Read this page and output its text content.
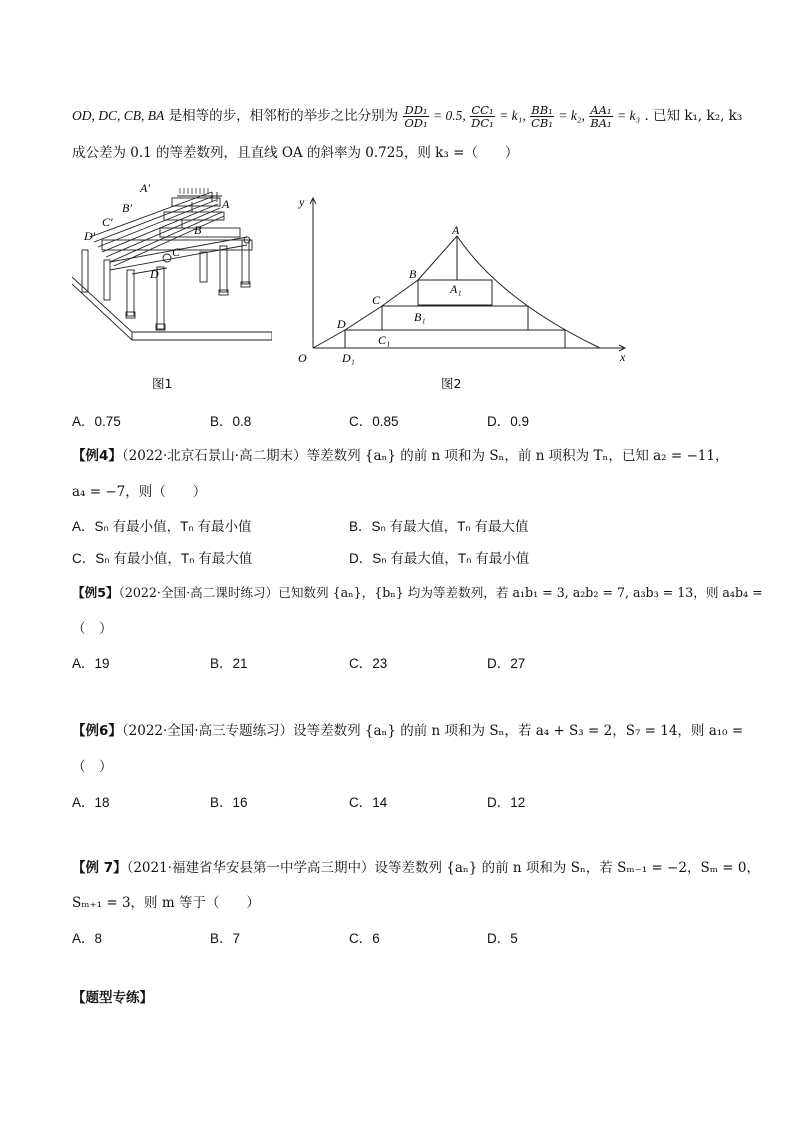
OD, DC, CB, BA 是相等的步，相邻桁的举步之比分别为 $\frac{\text{DD₁}}{\text{OD₁}} = 0.5$, $\frac{\text{CC₁}}{\text{DC₁}} = k_1$, $\frac{\text{BB₁}}{\text{CB₁}} = k_2$, $\frac{\text{AA₁}}{\text{BA₁}} = k_3$ . 已知 k₁, k₂, k₃
成公差为 0.1 的等差数列，且直线 OA 的斜率为 0.725，则 k₃ =（　　）
A′
B′
C′
D′
A
B
C
D
图1
y
x
O
A
B
C
D
A₁
B₁
C₁
D₁
图2
A．0.75	B．0.8	C．0.85	D．0.9
【例4】（2022·北京石景山·高二期末）等差数列 {aₙ} 的前 n 项和为 Sₙ，前 n 项积为 Tₙ，已知 a₂ = −11，
a₄ = −7，则（　　）
A．Sₙ 有最小值，Tₙ 有最小值	B．Sₙ 有最大值，Tₙ 有最大值
C．Sₙ 有最小值，Tₙ 有最大值	D．Sₙ 有最大值，Tₙ 有最小值
【例5】（2022·全国·高二课时练习）已知数列 {aₙ}，{bₙ} 均为等差数列，若 a₁b₁ = 3, a₂b₂ = 7, a₃b₃ = 13，则 a₄b₄ =
（　）
A．19	B．21	C．23	D．27
【例6】（2022·全国·高三专题练习）设等差数列 {aₙ} 的前 n 项和为 Sₙ，若 a₄ + S₃ = 2，S₇ = 14，则 a₁₀ =
（　）
A．18	B．16	C．14	D．12
【例 7】（2021·福建省华安县第一中学高三期中）设等差数列 {aₙ} 的前 n 项和为 Sₙ，若 Sₘ₋₁ = −2，Sₘ = 0，
Sₘ₊₁ = 3，则 m 等于（　　）
A．8	B．7	C．6	D．5
【题型专练】
